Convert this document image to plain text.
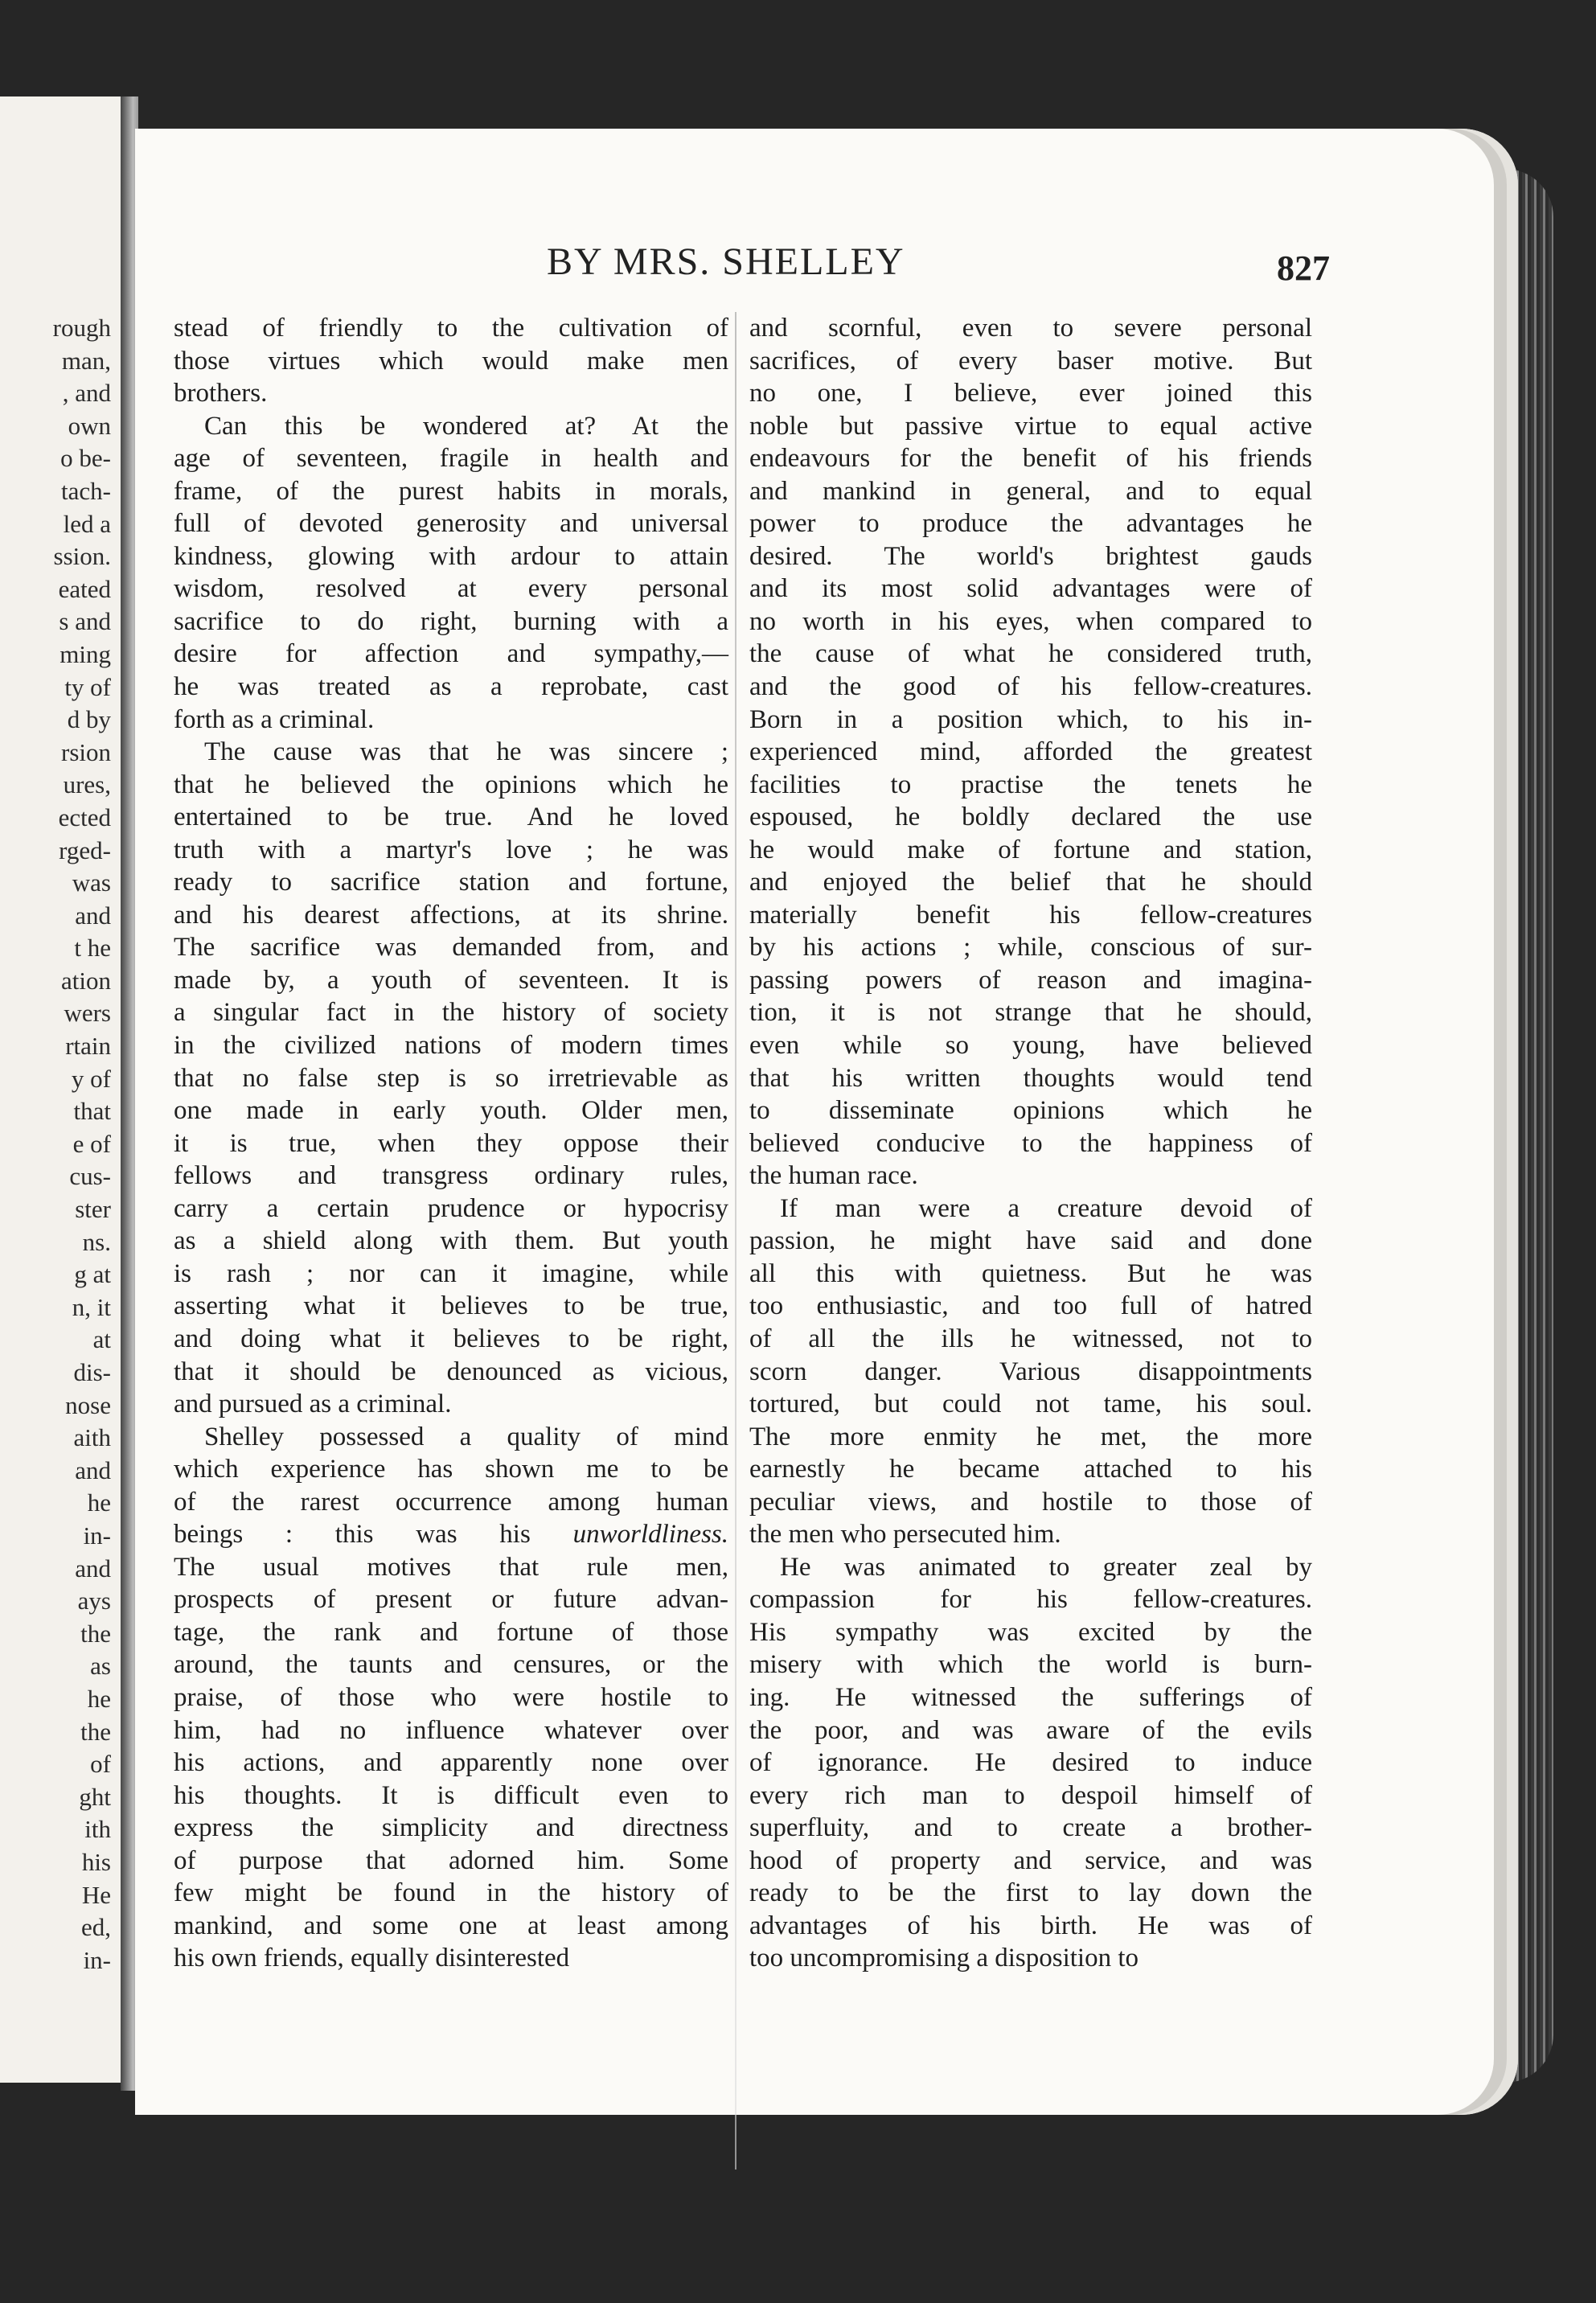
rough
man,
, and
own
o be-
tach-
led a
ssion.
eated
s and
ming
ty of
d by
rsion
ures,
ected
rged-
was
and
t he
ation
wers
rtain
y of
that
e of
cus-
ster
ns.
g at
n, it
at
dis-
nose
aith
and
he
in-
and
ays
the
as
he
the
of
ght
ith
his
He
ed,
in-
BY MRS. SHELLEY	827
stead of friendly to the cultivation of
those virtues which would make men
brothers.
Can this be wondered at? At the
age of seventeen, fragile in health and
frame, of the purest habits in morals,
full of devoted generosity and universal
kindness, glowing with ardour to attain
wisdom, resolved at every personal
sacrifice to do right, burning with a
desire for affection and sympathy,—
he was treated as a reprobate, cast
forth as a criminal.
The cause was that he was sincere ;
that he believed the opinions which he
entertained to be true. And he loved
truth with a martyr's love ; he was
ready to sacrifice station and fortune,
and his dearest affections, at its shrine.
The sacrifice was demanded from, and
made by, a youth of seventeen. It is
a singular fact in the history of society
in the civilized nations of modern times
that no false step is so irretrievable as
one made in early youth. Older men,
it is true, when they oppose their
fellows and transgress ordinary rules,
carry a certain prudence or hypocrisy
as a shield along with them. But youth
is rash ; nor can it imagine, while
asserting what it believes to be true,
and doing what it believes to be right,
that it should be denounced as vicious,
and pursued as a criminal.
Shelley possessed a quality of mind
which experience has shown me to be
of the rarest occurrence among human
beings : this was his unworldliness.
The usual motives that rule men,
prospects of present or future advan-
tage, the rank and fortune of those
around, the taunts and censures, or the
praise, of those who were hostile to
him, had no influence whatever over
his actions, and apparently none over
his thoughts. It is difficult even to
express the simplicity and directness
of purpose that adorned him. Some
few might be found in the history of
mankind, and some one at least among
his own friends, equally disinterested
and scornful, even to severe personal
sacrifices, of every baser motive. But
no one, I believe, ever joined this
noble but passive virtue to equal active
endeavours for the benefit of his friends
and mankind in general, and to equal
power to produce the advantages he
desired. The world's brightest gauds
and its most solid advantages were of
no worth in his eyes, when compared to
the cause of what he considered truth,
and the good of his fellow-creatures.
Born in a position which, to his in-
experienced mind, afforded the greatest
facilities to practise the tenets he
espoused, he boldly declared the use
he would make of fortune and station,
and enjoyed the belief that he should
materially benefit his fellow-creatures
by his actions ; while, conscious of sur-
passing powers of reason and imagina-
tion, it is not strange that he should,
even while so young, have believed
that his written thoughts would tend
to disseminate opinions which he
believed conducive to the happiness of
the human race.
If man were a creature devoid of
passion, he might have said and done
all this with quietness. But he was
too enthusiastic, and too full of hatred
of all the ills he witnessed, not to
scorn danger. Various disappointments
tortured, but could not tame, his soul.
The more enmity he met, the more
earnestly he became attached to his
peculiar views, and hostile to those of
the men who persecuted him.
He was animated to greater zeal by
compassion for his fellow-creatures.
His sympathy was excited by the
misery with which the world is burn-
ing. He witnessed the sufferings of
the poor, and was aware of the evils
of ignorance. He desired to induce
every rich man to despoil himself of
superfluity, and to create a brother-
hood of property and service, and was
ready to be the first to lay down the
advantages of his birth. He was of
too uncompromising a disposition to
